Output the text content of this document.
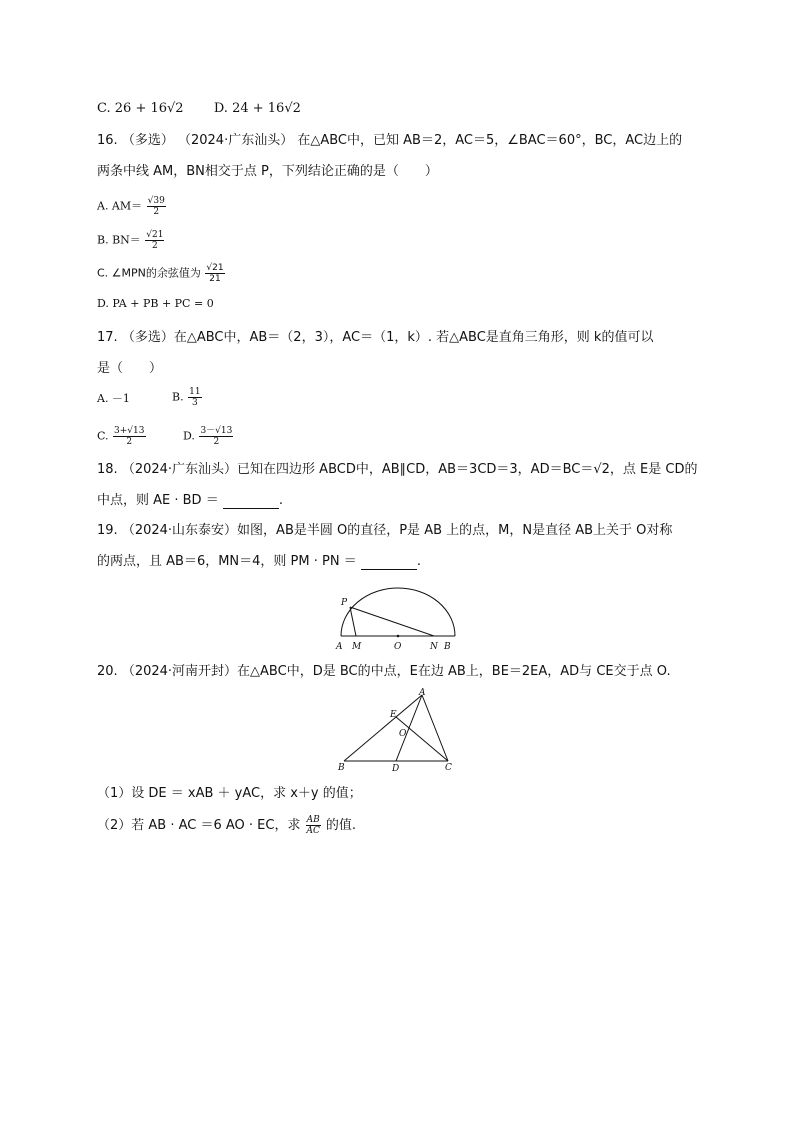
C. 26 + 16√2 D. 24 + 16√2
16. （多选） （2024·广东汕头） 在△ABC中，已知 AB＝2，AC＝5，∠BAC＝60°，BC，AC边上的
两条中线 AM，BN相交于点 P，下列结论正确的是（　　）
A. $AM= \frac{√39}{2}$
B. $BN= \frac{√21}{2}$
C. ∠MPN的余弦值为 $\frac{√21}{21}$
D. PA + PB + PC = 0
17. （多选）在△ABC中，AB＝（2，3），AC＝（1，k）. 若△ABC是直角三角形，则 k的值可以
是（　　）
A. －1	B. $\frac{11}{3}$
C. $\frac{3+√13}{2}$	D. $\frac{3-√13}{2}$
18. （2024·广东汕头）已知在四边形 ABCD中，AB∥CD，AB＝3CD＝3，AD＝BC＝√2，点 E是 CD的
中点，则 AE · BD ＝	.
19. （2024·山东泰安）如图，AB是半圆 O的直径，P是 AB 上的点，M，N是直径 AB上关于 O对称
的两点，且 AB＝6，MN＝4，则 PM · PN ＝	.
P
A M	O	N B
20. （2024·河南开封）在△ABC中，D是 BC的中点，E在边 AB上，BE＝2EA，AD与 CE交于点 O.
A
E
O
B	D	C
（1）设 DE ＝ xAB ＋ yAC，求 x＋y 的值；
（2）若 AB · AC ＝6 AO · EC，求 $\frac{AB}{AC}$ 的值.
